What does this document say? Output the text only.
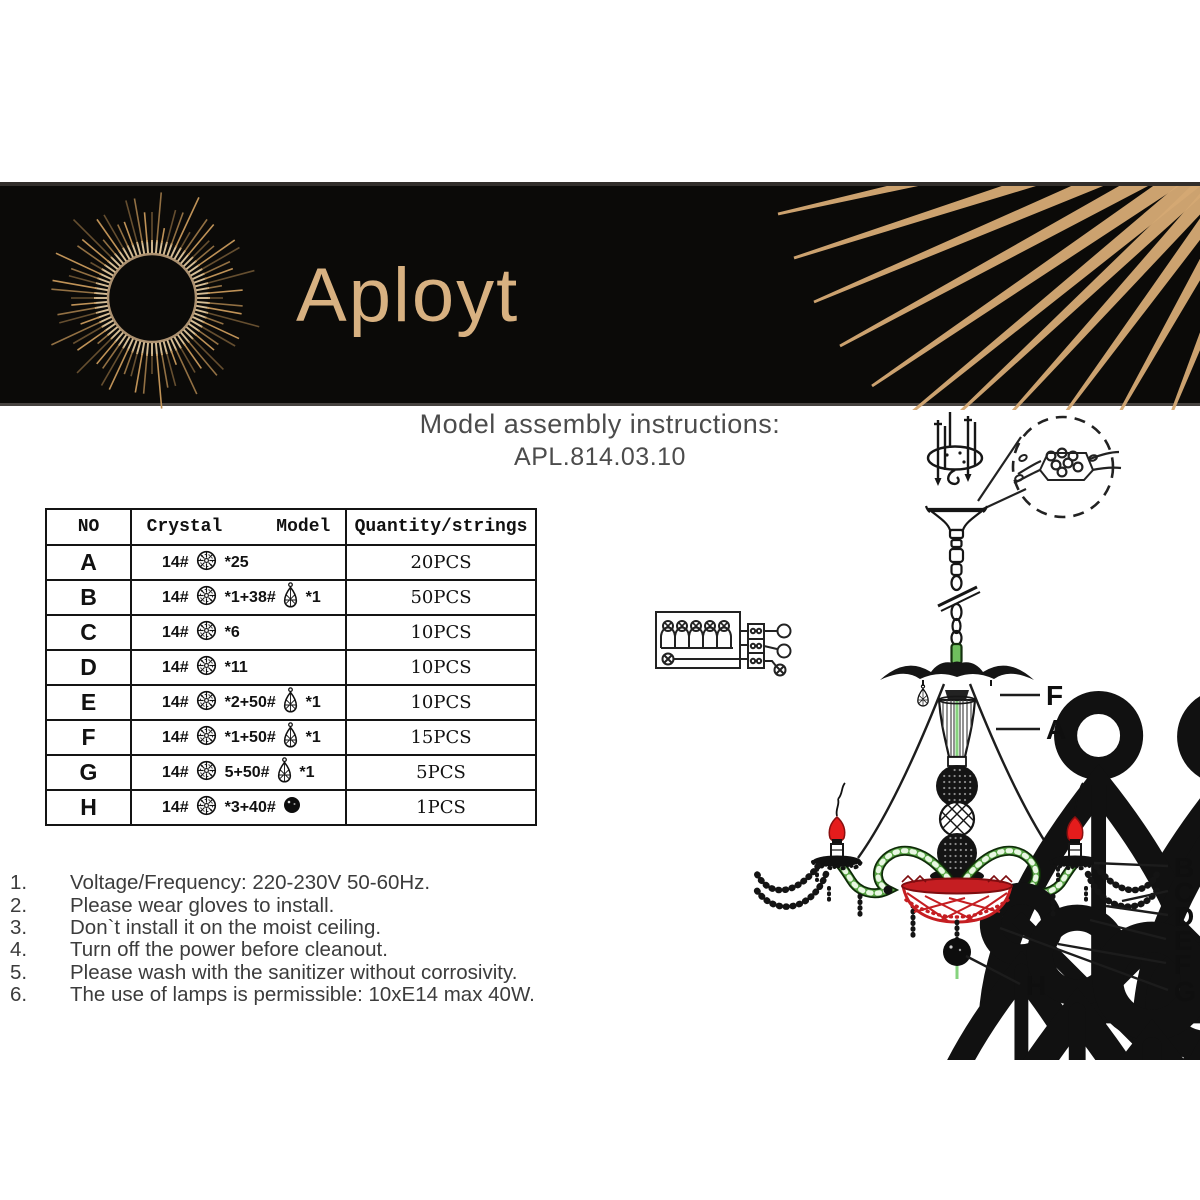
Aployt
Model assembly instructions:
APL.814.03.10
NO	Crystal     Model	Quantity/strings
A	14#  *25	20PCS
B	14#  *1+38#  *1	50PCS
C	14#  *6	10PCS
D	14#  *11	10PCS
E	14#  *2+50#  *1	10PCS
F	14#  *1+50#  *1	15PCS
G	14#  5+50#  *1	5PCS
H	14#  *3+40#	1PCS
1.	Voltage/Frequency: 220-230V 50-60Hz.
2.	Please wear gloves to install.
3.	Don`t install it on the moist ceiling.
4.	Turn off the power before cleanout.
5.	Please wash with the sanitizer without corrosivity.
6.	The use of lamps is permissible: 10xE14 max 40W.
F
A
B
C
D
E
F
G
H
